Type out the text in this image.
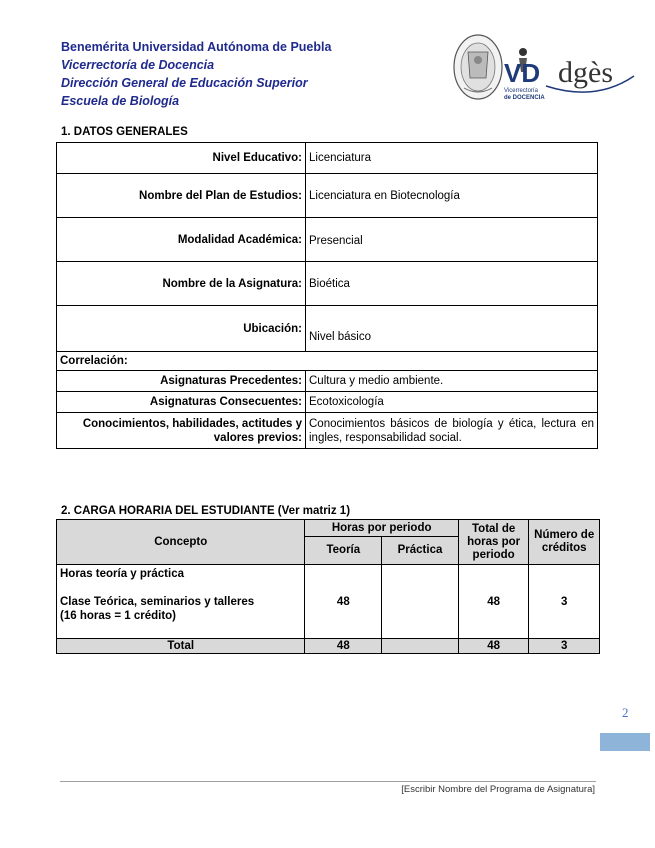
Benemérita Universidad Autónoma de Puebla
Vicerrectoría de Docencia
Dirección General de Educación Superior
Escuela de Biología
VD
Vicerrectoría
de DOCENCIA
dgès
1. DATOS GENERALES
Nivel Educativo:	Licenciatura
Nombre del Plan de Estudios:	Licenciatura en Biotecnología
Modalidad Académica:	Presencial
Nombre de la Asignatura:	Bioética
Ubicación:	Nivel básico
Correlación:	
Asignaturas Precedentes:	Cultura y medio ambiente.
Asignaturas Consecuentes:	Ecotoxicología
Conocimientos, habilidades, actitudes y valores previos:	Conocimientos básicos de biología y ética, lectura en ingles, responsabilidad social.
2. CARGA HORARIA DEL ESTUDIANTE (Ver matriz 1)
Concepto	Horas por periodo		Total de horas por periodo	Número de créditos
	Teoría	Práctica		

Horas teoría y práctica
Clase Teórica, seminarios y talleres
(16 horas = 1 crédito)	48		48	3
Total	48		48	3
2
[Escribir Nombre del Programa de Asignatura]
